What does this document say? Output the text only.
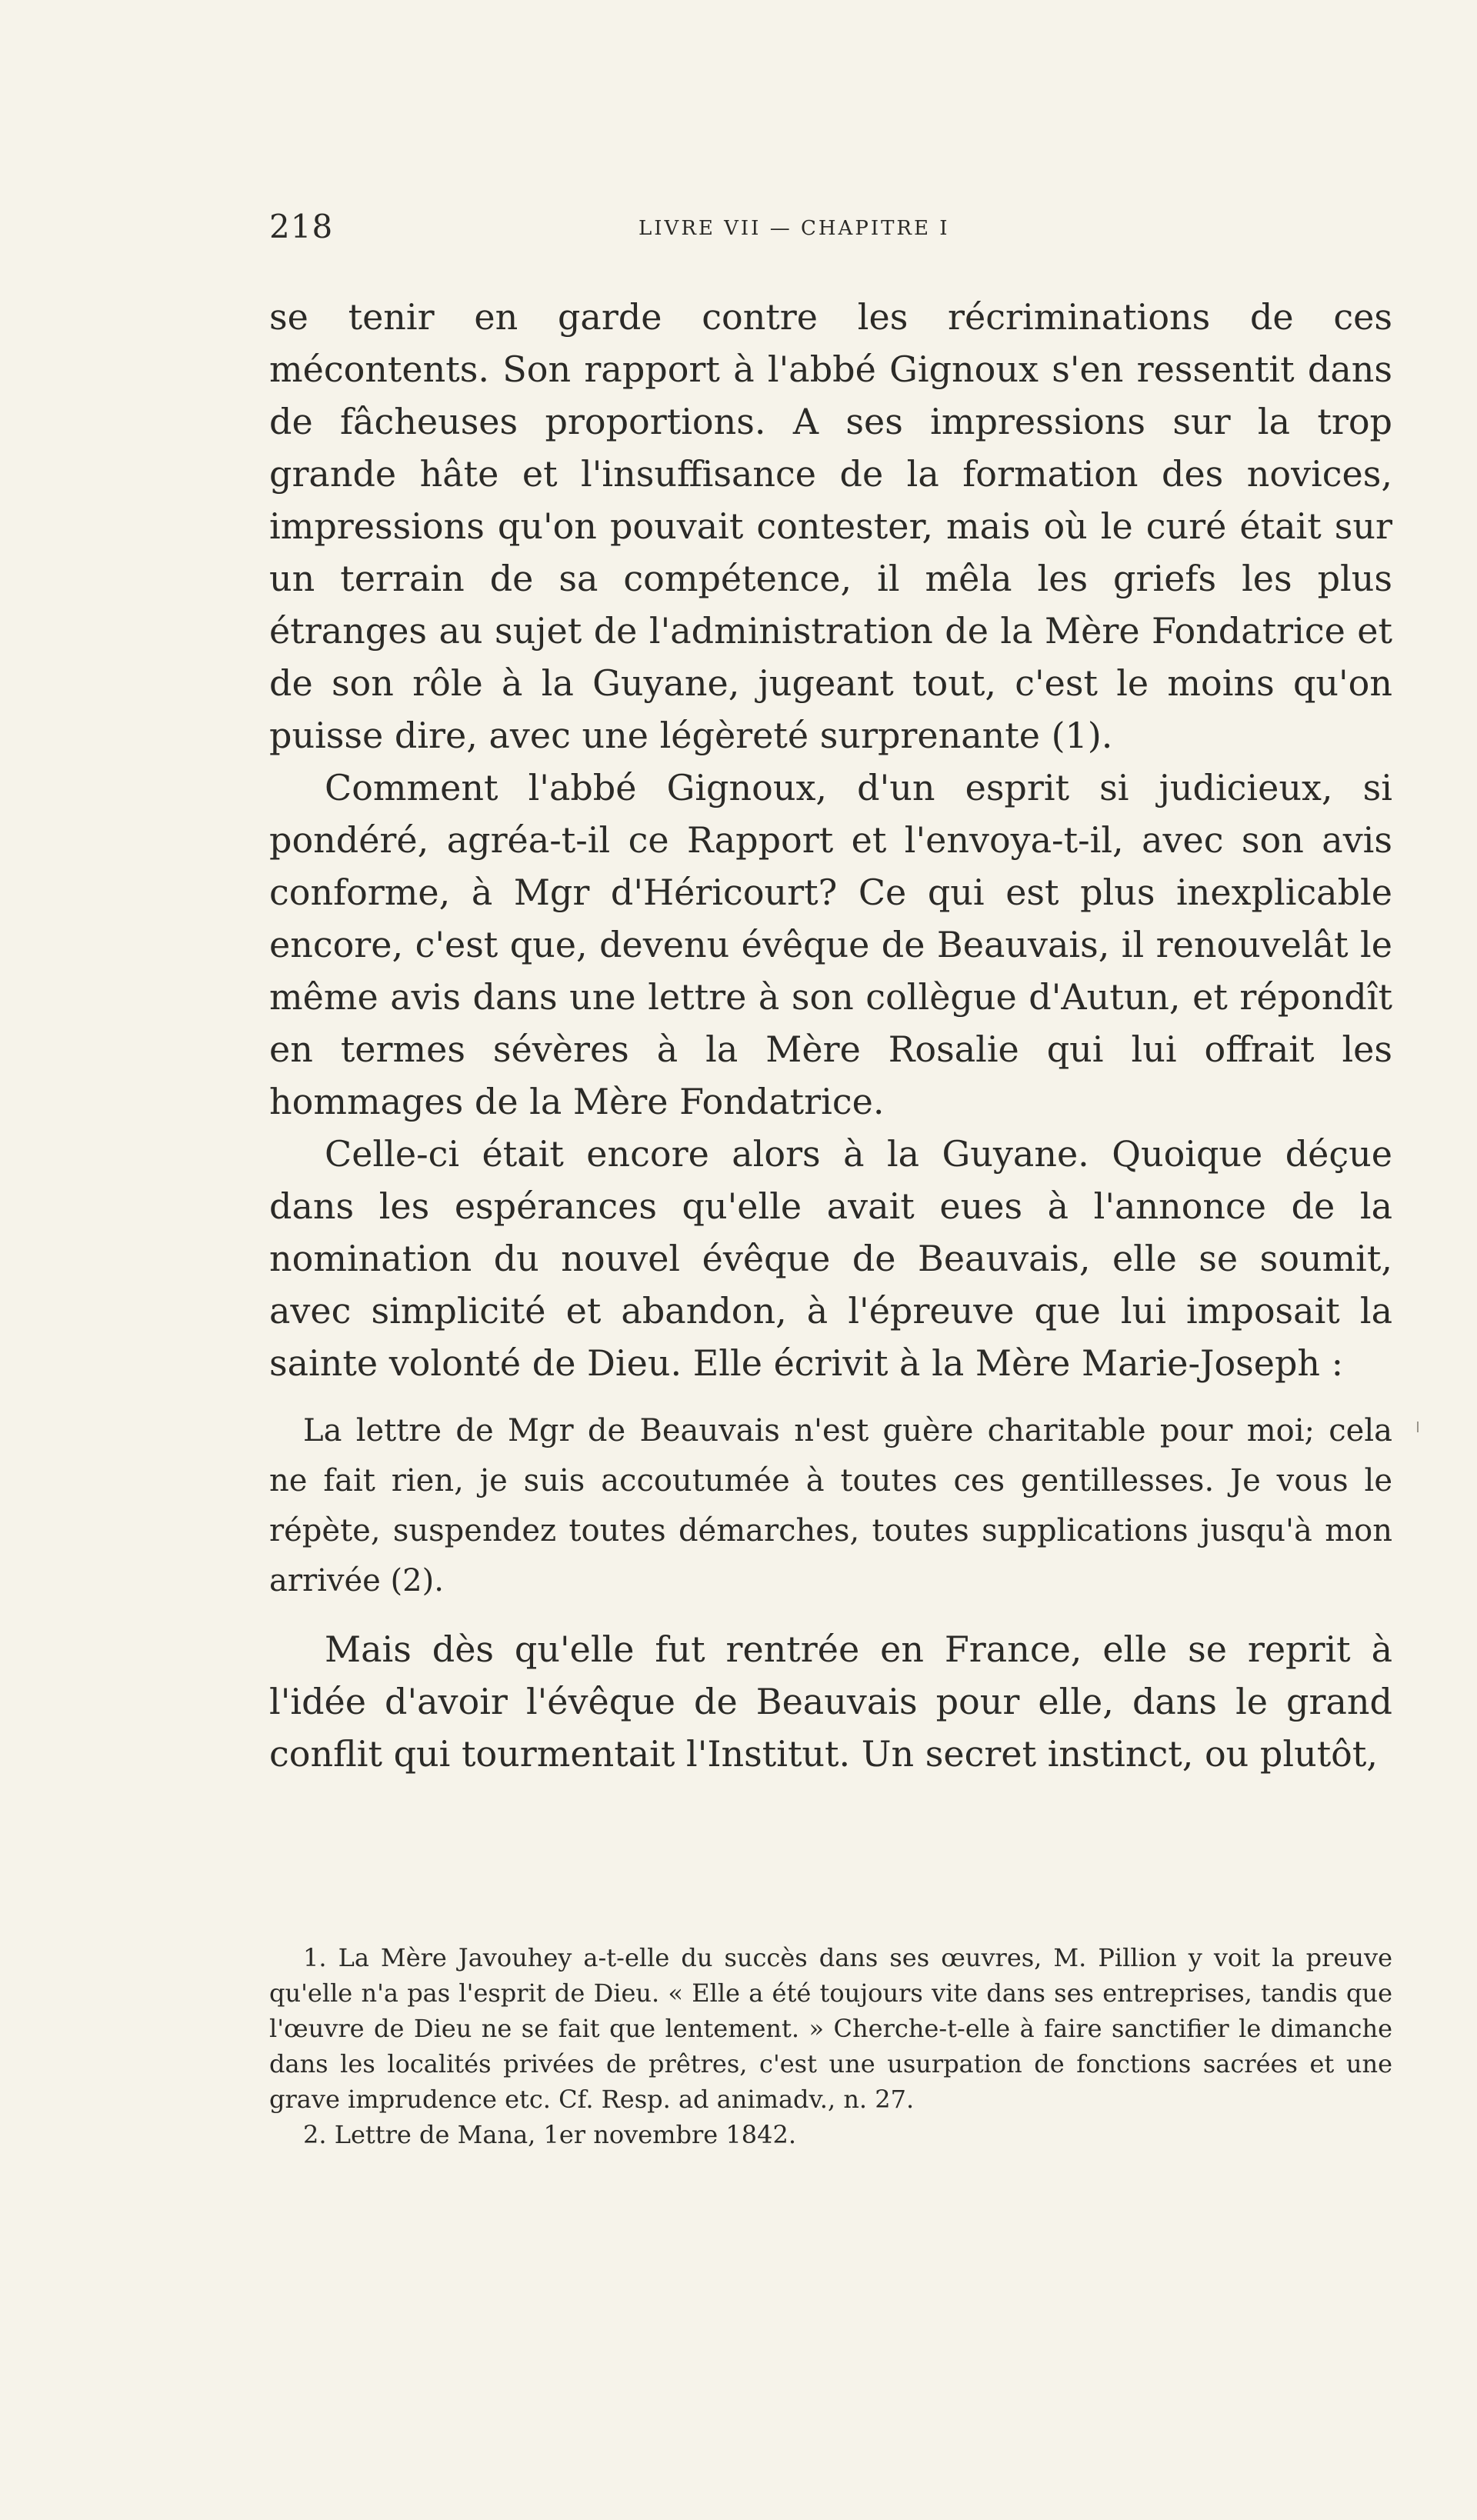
218	LIVRE VII — CHAPITRE I

se tenir en garde contre les récriminations de ces mécontents. Son rapport à l'abbé Gignoux s'en ressentit dans de fâcheuses proportions. A ses impressions sur la trop grande hâte et l'insuffisance de la formation des novices, impressions qu'on pouvait contester, mais où le curé était sur un terrain de sa compétence, il mêla les griefs les plus étranges au sujet de l'administration de la Mère Fondatrice et de son rôle à la Guyane, jugeant tout, c'est le moins qu'on puisse dire, avec une légèreté surprenante (1).

Comment l'abbé Gignoux, d'un esprit si judicieux, si pondéré, agréa-t-il ce Rapport et l'envoya-t-il, avec son avis conforme, à Mgr d'Héricourt? Ce qui est plus inexplicable encore, c'est que, devenu évêque de Beauvais, il renouvelât le même avis dans une lettre à son collègue d'Autun, et répondît en termes sévères à la Mère Rosalie qui lui offrait les hommages de la Mère Fondatrice.

Celle-ci était encore alors à la Guyane. Quoique déçue dans les espérances qu'elle avait eues à l'annonce de la nomination du nouvel évêque de Beauvais, elle se soumit, avec simplicité et abandon, à l'épreuve que lui imposait la sainte volonté de Dieu. Elle écrivit à la Mère Marie-Joseph :

La lettre de Mgr de Beauvais n'est guère charitable pour moi; cela ne fait rien, je suis accoutumée à toutes ces gentillesses. Je vous le répète, suspendez toutes démarches, toutes supplications jusqu'à mon arrivée (2).

Mais dès qu'elle fut rentrée en France, elle se reprit à l'idée d'avoir l'évêque de Beauvais pour elle, dans le grand conflit qui tourmentait l'Institut. Un secret instinct, ou plutôt,

1. La Mère Javouhey a-t-elle du succès dans ses œuvres, M. Pillion y voit la preuve qu'elle n'a pas l'esprit de Dieu. « Elle a été toujours vite dans ses entreprises, tandis que l'œuvre de Dieu ne se fait que lentement. » Cherche-t-elle à faire sanctifier le dimanche dans les localités privées de prêtres, c'est une usurpation de fonctions sacrées et une grave imprudence etc. Cf. Resp. ad animadv., n. 27.

2. Lettre de Mana, 1er novembre 1842.
